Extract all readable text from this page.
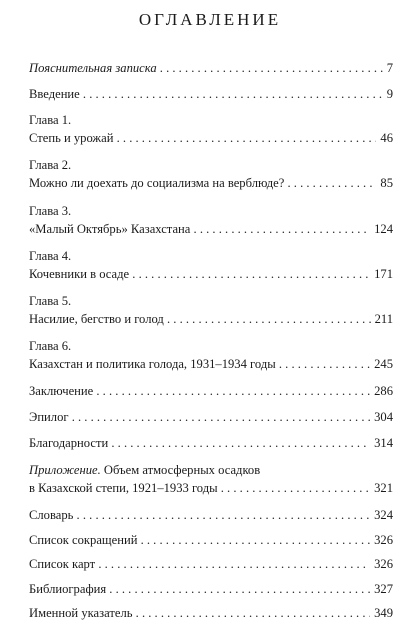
ОГЛАВЛЕНИЕ
Пояснительная записка . . .	7
Введение . . .	9
Глава 1.
Степь и урожай . . .	46
Глава 2.
Можно ли доехать до социализма на верблюде? . . .	85
Глава 3.
«Малый Октябрь» Казахстана . . .	124
Глава 4.
Кочевники в осаде . . .	171
Глава 5.
Насилие, бегство и голод . . .	211
Глава 6.
Казахстан и политика голода, 1931–1934 годы . . .	245
Заключение . . .	286
Эпилог . . .	304
Благодарности . . .	314
Приложение. Объем атмосферных осадков
в Казахской степи, 1921–1933 годы . . .	321
Словарь . . .	324
Список сокращений . . .	326
Список карт . . .	326
Библиография . . .	327
Именной указатель . . .	349
